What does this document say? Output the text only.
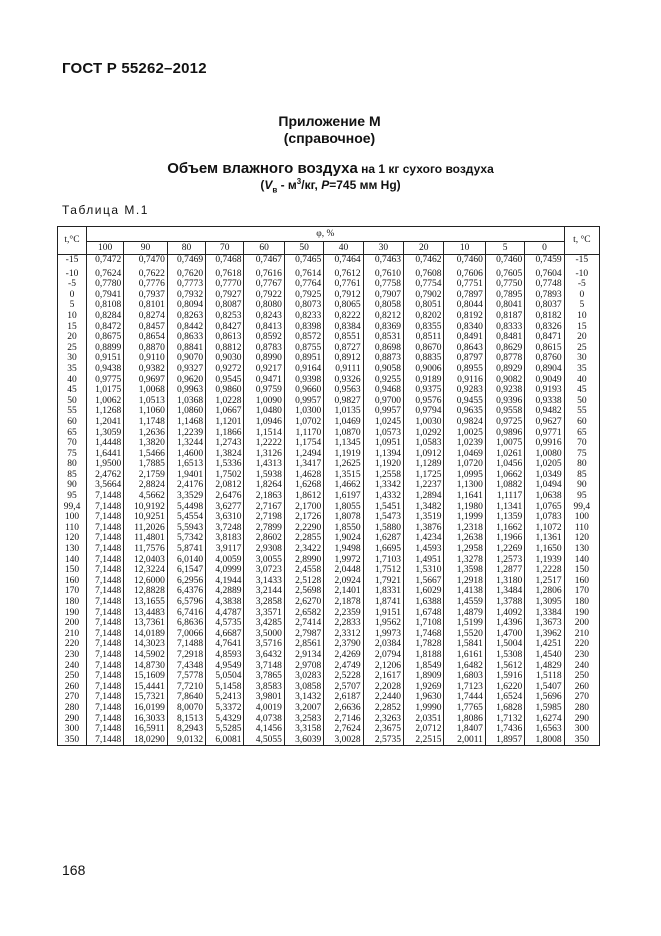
ГОСТ Р 55262–2012
Приложение М
(справочное)
Объем влажного воздуха на 1 кг сухого воздуха
($V_в - м^3/кг$, P=745 мм Hg)
Таблица М.1
t,°C	φ, %												t, °C
	100	90	80	70	60	50	40	30	20	10	5	0	
-15	0,7472	0,7470	0,7469	0,7468	0,7467	0,7465	0,7464	0,7463	0,7462	0,7460	0,7460	0,7459	-15
-10	0,7624	0,7622	0,7620	0,7618	0,7616	0,7614	0,7612	0,7610	0,7608	0,7606	0,7605	0,7604	-10
-5	0,7780	0,7776	0,7773	0,7770	0,7767	0,7764	0,7761	0,7758	0,7754	0,7751	0,7750	0,7748	-5
0	0,7941	0,7937	0,7932	0,7927	0,7922	0,7925	0,7912	0,7907	0,7902	0,7897	0,7895	0,7893	0
5	0,8108	0,8101	0,8094	0,8087	0,8080	0,8073	0,8065	0,8058	0,8051	0,8044	0,8041	0,8037	5
10	0,8284	0,8274	0,8263	0,8253	0,8243	0,8233	0,8222	0,8212	0,8202	0,8192	0,8187	0,8182	10
15	0,8472	0,8457	0,8442	0,8427	0,8413	0,8398	0,8384	0,8369	0,8355	0,8340	0,8333	0,8326	15
20	0,8675	0,8654	0,8633	0,8613	0,8592	0,8572	0,8551	0,8531	0,8511	0,8491	0,8481	0,8471	20
25	0,8899	0,8870	0,8841	0,8812	0,8783	0,8755	0,8727	0,8698	0,8670	0,8643	0,8629	0,8615	25
30	0,9151	0,9110	0,9070	0,9030	0,8990	0,8951	0,8912	0,8873	0,8835	0,8797	0,8778	0,8760	30
35	0,9438	0,9382	0,9327	0,9272	0,9217	0,9164	0,9111	0,9058	0,9006	0,8955	0,8929	0,8904	35
40	0,9775	0,9697	0,9620	0,9545	0,9471	0,9398	0,9326	0,9255	0,9189	0,9116	0,9082	0,9049	40
45	1,0175	1,0068	0,9963	0,9860	0,9759	0,9660	0,9563	0,9468	0,9375	0,9283	0,9238	0,9193	45
50	1,0062	1,0513	1,0368	1,0228	1,0090	0,9957	0,9827	0,9700	0,9576	0,9455	0,9396	0,9338	50
55	1,1268	1,1060	1,0860	1,0667	1,0480	1,0300	1,0135	0,9957	0,9794	0,9635	0,9558	0,9482	55
60	1,2041	1,1748	1,1468	1,1201	1,0946	1,0702	1,0469	1,0245	1,0030	0,9824	0,9725	0,9627	60
65	1,3059	1,2636	1,2239	1,1866	1,1514	1,1170	1,0870	1,0573	1,0292	1,0025	0,9896	0,9771	65
70	1,4448	1,3820	1,3244	1,2743	1,2222	1,1754	1,1345	1,0951	1,0583	1,0239	1,0075	0,9916	70
75	1,6441	1,5466	1,4600	1,3824	1,3126	1,2494	1,1919	1,1394	1,0912	1,0469	1,0261	1,0080	75
80	1,9500	1,7885	1,6513	1,5336	1,4313	1,3417	1,2625	1,1920	1,1289	1,0720	1,0456	1,0205	80
85	2,4762	2,1759	1,9401	1,7502	1,5938	1,4628	1,3515	1,2558	1,1725	1,0995	1,0662	1,0349	85
90	3,5664	2,8824	2,4176	2,0812	1,8264	1,6268	1,4662	1,3342	1,2237	1,1300	1,0882	1,0494	90
95	7,1448	4,5662	3,3529	2,6476	2,1863	1,8612	1,6197	1,4332	1,2894	1,1641	1,1117	1,0638	95
99,4	7,1448	10,9192	5,4498	3,6277	2,7167	2,1700	1,8055	1,5451	1,3482	1,1980	1,1341	1,0765	99,4
100	7,1448	10,9251	5,4554	3,6310	2,7198	2,1726	1,8078	1,5473	1,3519	1,1999	1,1359	1,0783	100
110	7,1448	11,2026	5,5943	3,7248	2,7899	2,2290	1,8550	1,5880	1,3876	1,2318	1,1662	1,1072	110
120	7,1448	11,4801	5,7342	3,8183	2,8602	2,2855	1,9024	1,6287	1,4234	1,2638	1,1966	1,1361	120
130	7,1448	11,7576	5,8741	3,9117	2,9308	2,3422	1,9498	1,6695	1,4593	1,2958	1,2269	1,1650	130
140	7,1448	12,0403	6,0140	4,0059	3,0055	2,8990	1,9972	1,7103	1,4951	1,3278	1,2573	1,1939	140
150	7,1448	12,3224	6,1547	4,0999	3,0723	2,4558	2,0448	1,7512	1,5310	1,3598	1,2877	1,2228	150
160	7,1448	12,6000	6,2956	4,1944	3,1433	2,5128	2,0924	1,7921	1,5667	1,2918	1,3180	1,2517	160
170	7,1448	12,8828	6,4376	4,2889	3,2144	2,5698	2,1401	1,8331	1,6029	1,4138	1,3484	1,2806	170
180	7,1448	13,1655	6,5796	4,3838	3,2858	2,6270	2,1878	1,8741	1,6388	1,4559	1,3788	1,3095	180
190	7,1448	13,4483	6,7416	4,4787	3,3571	2,6582	2,2359	1,9151	1,6748	1,4879	1,4092	1,3384	190
200	7,1448	13,7361	6,8636	4,5735	3,4285	2,7414	2,2833	1,9562	1,7108	1,5199	1,4396	1,3673	200
210	7,1448	14,0189	7,0066	4,6687	3,5000	2,7987	2,3312	1,9973	1,7468	1,5520	1,4700	1,3962	210
220	7,1448	14,3023	7,1488	4,7641	3,5716	2,8561	2,3790	2,0384	1,7828	1,5841	1,5004	1,4251	220
230	7,1448	14,5902	7,2918	4,8593	3,6432	2,9134	2,4269	2,0794	1,8188	1,6161	1,5308	1,4540	230
240	7,1448	14,8730	7,4348	4,9549	3,7148	2,9708	2,4749	2,1206	1,8549	1,6482	1,5612	1,4829	240
250	7,1448	15,1609	7,5778	5,0504	3,7865	3,0283	2,5228	2,1617	1,8909	1,6803	1,5916	1,5118	250
260	7,1448	15,4441	7,7210	5,1458	3,8583	3,0858	2,5707	2,2028	1,9269	1,7123	1,6220	1,5407	260
270	7,1448	15,7321	7,8640	5,2413	3,9801	3,1432	2,6187	2,2440	1,9630	1,7444	1,6524	1,5696	270
280	7,1448	16,0199	8,0070	5,3372	4,0019	3,2007	2,6636	2,2852	1,9990	1,7765	1,6828	1,5985	280
290	7,1448	16,3033	8,1513	5,4329	4,0738	3,2583	2,7146	2,3263	2,0351	1,8086	1,7132	1,6274	290
300	7,1448	16,5911	8,2943	5,5285	4,1456	3,3158	2,7624	2,3675	2,0712	1,8407	1,7436	1,6563	300
350	7,1448	18,0290	9,0132	6,0081	4,5055	3,6039	3,0028	2,5735	2,2515	2,0011	1,8957	1,8008	350
168
